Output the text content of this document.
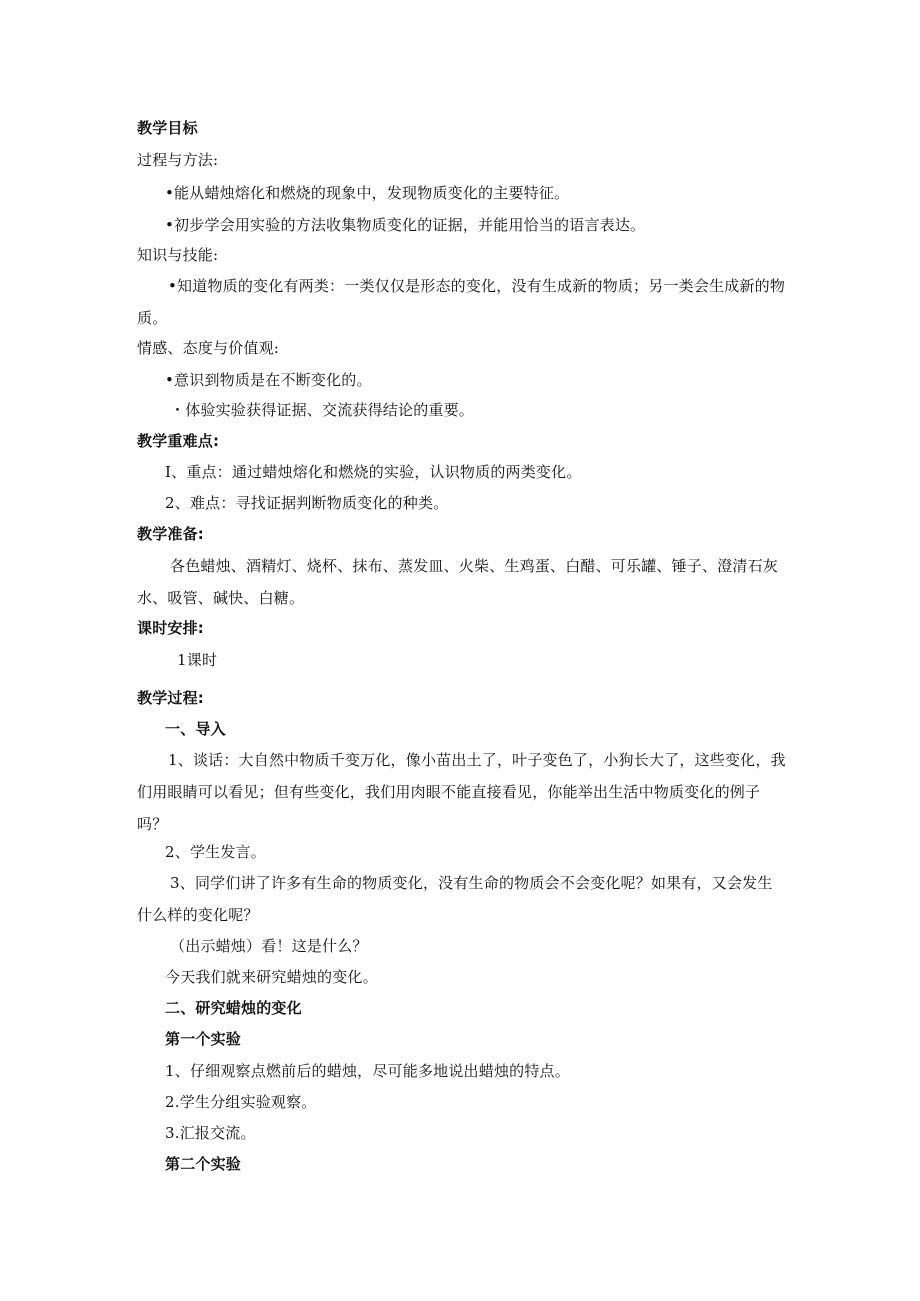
教学目标
过程与方法:
•能从蜡烛熔化和燃烧的现象中，发现物质变化的主要特征。
•初步学会用实验的方法收集物质变化的证据，并能用恰当的语言表达。
知识与技能:
•知道物质的变化有两类：一类仅仅是形态的变化，没有生成新的物质；另一类会生成新的物质。
情感、态度与价值观:
•意识到物质是在不断变化的。
・体验实验获得证据、交流获得结论的重要。
教学重难点:
I、重点：通过蜡烛熔化和燃烧的实验，认识物质的两类变化。
2、难点：寻找证据判断物质变化的种类。
教学准备:
各色蜡烛、酒精灯、烧杯、抹布、蒸发皿、火柴、生鸡蛋、白醋、可乐罐、锤子、澄清石灰水、吸管、碱快、白糖。
课时安排:
1课时
教学过程:
一、导入
1、谈话：大自然中物质千变万化，像小苗出土了，叶子变色了，小狗长大了，这些变化，我们用眼睛可以看见；但有些变化，我们用肉眼不能直接看见，你能举出生活中物质变化的例子吗？
2、学生发言。
3、同学们讲了许多有生命的物质变化，没有生命的物质会不会变化呢？如果有，又会发生什么样的变化呢？
（出示蜡烛）看！这是什么？
今天我们就来研究蜡烛的变化。
二、研究蜡烛的变化
第一个实验
1、仔细观察点燃前后的蜡烛，尽可能多地说出蜡烛的特点。
2.学生分组实验观察。
3.汇报交流。
第二个实验
